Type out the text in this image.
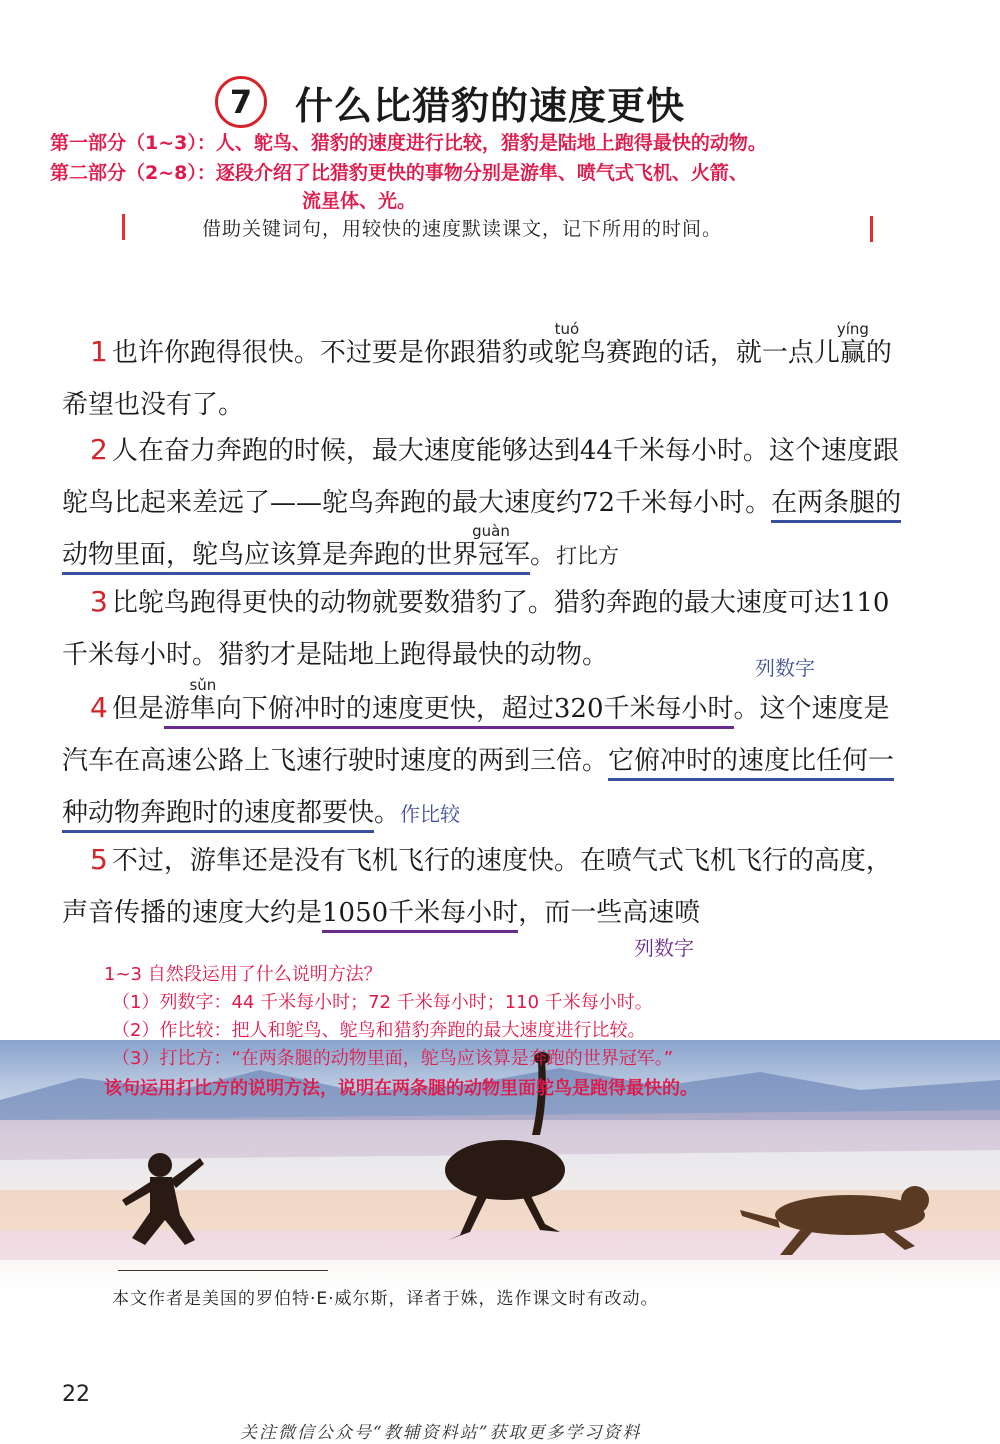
7	什么比猎豹的速度更快
第一部分（1~3）：人、鸵鸟、猎豹的速度进行比较，猎豹是陆地上跑得最快的动物。
第二部分（2~8）：逐段介绍了比猎豹更快的事物分别是游隼、喷气式飞机、火箭、
流星体、光。
借助关键词句，用较快的速度默读课文，记下所用的时间。
1 也许你跑得很快。不过要是你跟猎豹或鸵tuó鸟赛跑的话，就一点儿赢yíng的希望也没有了。
2 人在奋力奔跑的时候，最大速度能够达到44千米每小时。这个速度跟鸵鸟比起来差远了——鸵鸟奔跑的最大速度约72千米每小时。在两条腿的动物里面，鸵鸟应该算是奔跑的世界冠guàn军。打比方
3 比鸵鸟跑得更快的动物就要数猎豹了。猎豹奔跑的最大速度可达110千米每小时。猎豹才是陆地上跑得最快的动物。	列数字
4 但是游隼sǔn向下俯冲时的速度更快，超过320千米每小时。这个速度是汽车在高速公路上飞速行驶时速度的两到三倍。它俯冲时的速度比任何一种动物奔跑时的速度都要快。作比较
5 不过，游隼还是没有飞机飞行的速度快。在喷气式飞机飞行的高度，声音传播的速度大约是1050千米每小时，而一些高速喷
列数字
1~3 自然段运用了什么说明方法？
（1）列数字：44 千米每小时；72 千米每小时；110 千米每小时。
（2）作比较：把人和鸵鸟、鸵鸟和猎豹奔跑的最大速度进行比较。
（3）打比方：“在两条腿的动物里面，鸵鸟应该算是奔跑的世界冠军。”
该句运用打比方的说明方法，说明在两条腿的动物里面鸵鸟是跑得最快的。
本文作者是美国的罗伯特·E·威尔斯，译者于姝，选作课文时有改动。
22
关注微信公众号“教辅资料站”获取更多学习资料
